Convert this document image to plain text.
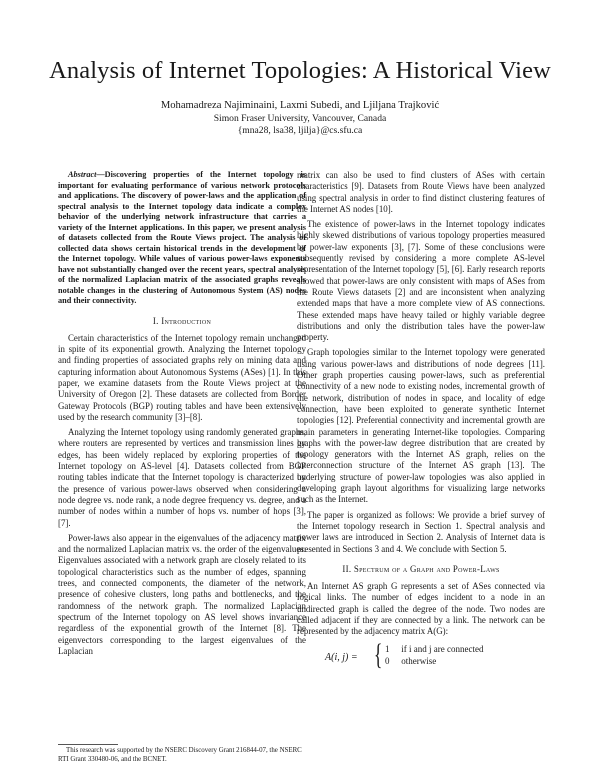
Analysis of Internet Topologies: A Historical View
Mohamadreza Najiminaini, Laxmi Subedi, and Ljiljana Trajković
Simon Fraser University, Vancouver, Canada
{mna28, lsa38, ljilja}@cs.sfu.ca

Abstract—Discovering properties of the Internet topology is important for evaluating performance of various network protocols and applications. The discovery of power-laws and the application of spectral analysis to the Internet topology data indicate a complex behavior of the underlying network infrastructure that carries a variety of the Internet applications. In this paper, we present analysis of datasets collected from the Route Views project. The analysis of collected data shows certain historical trends in the development of the Internet topology. While values of various power-laws exponents have not substantially changed over the recent years, spectral analysis of the normalized Laplacian matrix of the associated graphs reveals notable changes in the clustering of Autonomous System (AS) nodes and their connectivity.

I. Introduction

Certain characteristics of the Internet topology remain unchanged in spite of its exponential growth. Analyzing the Internet topology and finding properties of associated graphs rely on mining data and capturing information about Autonomous Systems (ASes) [1]. In this paper, we examine datasets from the Route Views project at the University of Oregon [2]. These datasets are collected from Border Gateway Protocols (BGP) routing tables and have been extensively used by the research community [3]–[8].

Analyzing the Internet topology using randomly generated graphs, where routers are represented by vertices and transmission lines by edges, has been widely replaced by exploring properties of the Internet topology on AS-level [4]. Datasets collected from BGP routing tables indicate that the Internet topology is characterized by the presence of various power-laws observed when considering a node degree vs. node rank, a node degree frequency vs. degree, and a number of nodes within a number of hops vs. number of hops [3], [7].

Power-laws also appear in the eigenvalues of the adjacency matrix and the normalized Laplacian matrix vs. the order of the eigenvalues. Eigenvalues associated with a network graph are closely related to its topological characteristics such as the number of edges, spanning trees, and connected components, the diameter of the network, presence of cohesive clusters, long paths and bottlenecks, and the randomness of the network graph. The normalized Laplacian spectrum of the Internet topology on AS level shows invariance regardless of the exponential growth of the Internet [8]. The eigenvectors corresponding to the largest eigenvalues of the Laplacian

matrix can also be used to find clusters of ASes with certain characteristics [9]. Datasets from Route Views have been analyzed using spectral analysis in order to find distinct clustering features of the Internet AS nodes [10].

The existence of power-laws in the Internet topology indicates highly skewed distributions of various topology properties measured by power-law exponents [3], [7]. Some of these conclusions were subsequently revised by considering a more complete AS-level representation of the Internet topology [5], [6]. Early research reports showed that power-laws are only consistent with maps of ASes from the Route Views datasets [2] and are inconsistent when analyzing extended maps that have a more complete view of AS connections. These extended maps have heavy tailed or highly variable degree distributions and only the distribution tales have the power-law property.

Graph topologies similar to the Internet topology were generated using various power-laws and distributions of node degrees [11]. Other graph properties causing power-laws, such as preferential connectivity of a new node to existing nodes, incremental growth of the network, distribution of nodes in space, and locality of edge connection, have been exploited to generate synthetic Internet topologies [12]. Preferential connectivity and incremental growth are main parameters in generating Internet-like topologies. Comparing graphs with the power-law degree distribution that are created by topology generators with the Internet AS graph, relies on the interconnection structure of the Internet AS graph [13]. The underlying structure of power-law topologies was also applied in developing graph layout algorithms for visualizing large networks such as the Internet.

The paper is organized as follows: We provide a brief survey of the Internet topology research in Section 1. Spectral analysis and power laws are introduced in Section 2. Analysis of Internet data is presented in Sections 3 and 4. We conclude with Section 5.

II. Spectrum of a Graph and Power-Laws

An Internet AS graph G represents a set of ASes connected via logical links. The number of edges incident to a node in an undirected graph is called the degree of the node. Two nodes are called adjacent if they are connected by a link. The network can be represented by the adjacency matrix A(G):

A(i, j) = { 1 if i and j are connected
0 otherwise
This research was supported by the NSERC Discovery Grant 216844-07, the NSERC RTI Grant 330480-06, and the BCNET.
